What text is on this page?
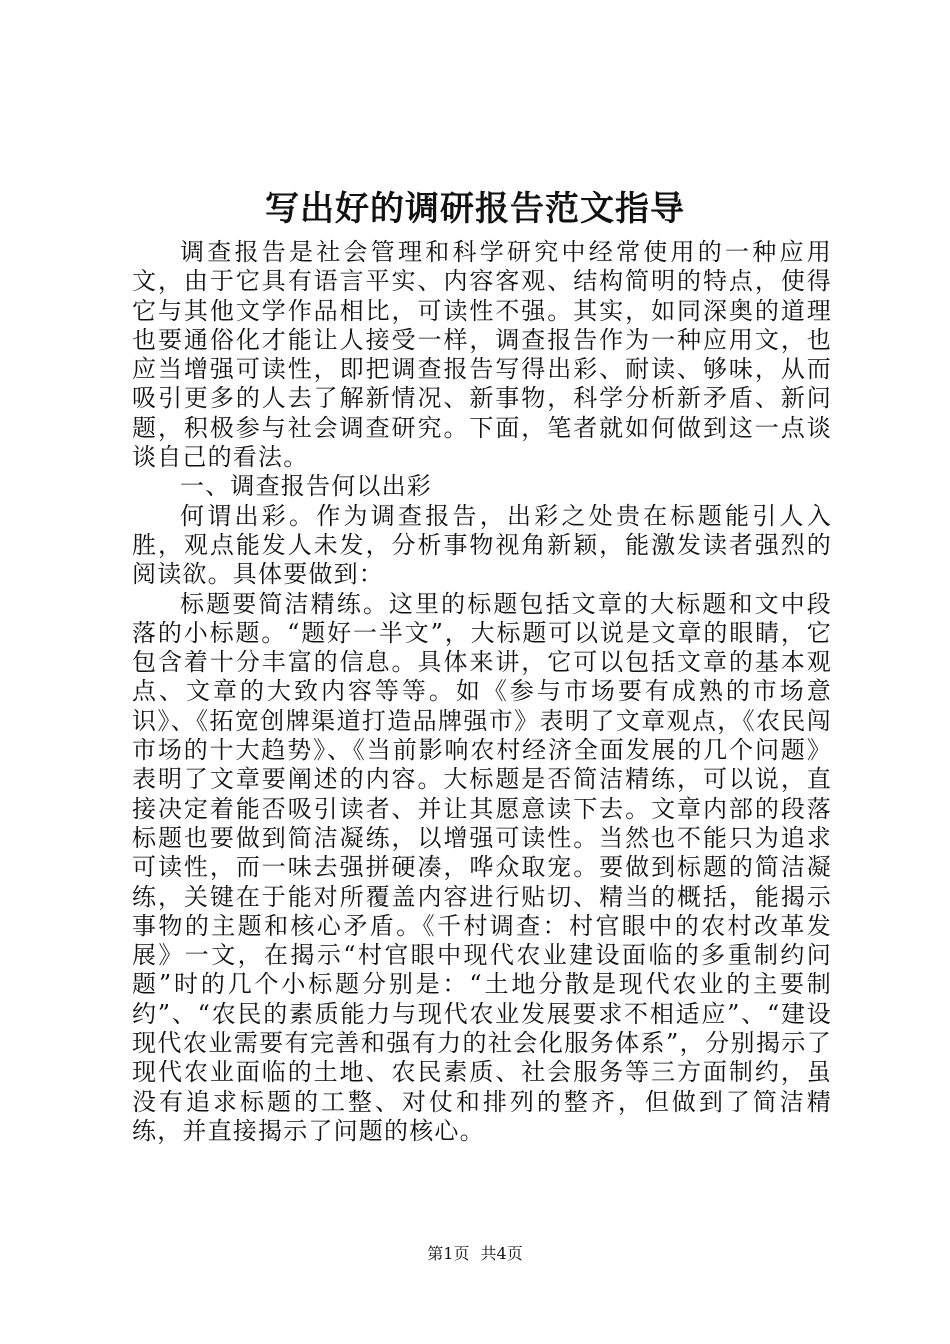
写出好的调研报告范文指导

调查报告是社会管理和科学研究中经常使用的一种应用文，由于它具有语言平实、内容客观、结构简明的特点，使得它与其他文学作品相比，可读性不强。其实，如同深奥的道理也要通俗化才能让人接受一样，调查报告作为一种应用文，也应当增强可读性，即把调查报告写得出彩、耐读、够味，从而吸引更多的人去了解新情况、新事物，科学分析新矛盾、新问题，积极参与社会调查研究。下面，笔者就如何做到这一点谈谈自己的看法。

一、调查报告何以出彩

何谓出彩。作为调查报告，出彩之处贵在标题能引人入胜，观点能发人未发，分析事物视角新颖，能激发读者强烈的阅读欲。具体要做到：

标题要简洁精练。这里的标题包括文章的大标题和文中段落的小标题。“题好一半文”，大标题可以说是文章的眼睛，它包含着十分丰富的信息。具体来讲，它可以包括文章的基本观点、文章的大致内容等等。如《参与市场要有成熟的市场意识》、《拓宽创牌渠道打造品牌强市》表明了文章观点，《农民闯市场的十大趋势》、《当前影响农村经济全面发展的几个问题》表明了文章要阐述的内容。大标题是否简洁精练，可以说，直接决定着能否吸引读者、并让其愿意读下去。文章内部的段落标题也要做到简洁凝练，以增强可读性。当然也不能只为追求可读性，而一味去强拼硬凑，哗众取宠。要做到标题的简洁凝练，关键在于能对所覆盖内容进行贴切、精当的概括，能揭示事物的主题和核心矛盾。《千村调查：村官眼中的农村改革发展》一文，在揭示“村官眼中现代农业建设面临的多重制约问题”时的几个小标题分别是：“土地分散是现代农业的主要制约”、“农民的素质能力与现代农业发展要求不相适应”、“建设现代农业需要有完善和强有力的社会化服务体系”，分别揭示了现代农业面临的土地、农民素质、社会服务等三方面制约，虽没有追求标题的工整、对仗和排列的整齐，但做到了简洁精练，并直接揭示了问题的核心。

第1页 共4页
